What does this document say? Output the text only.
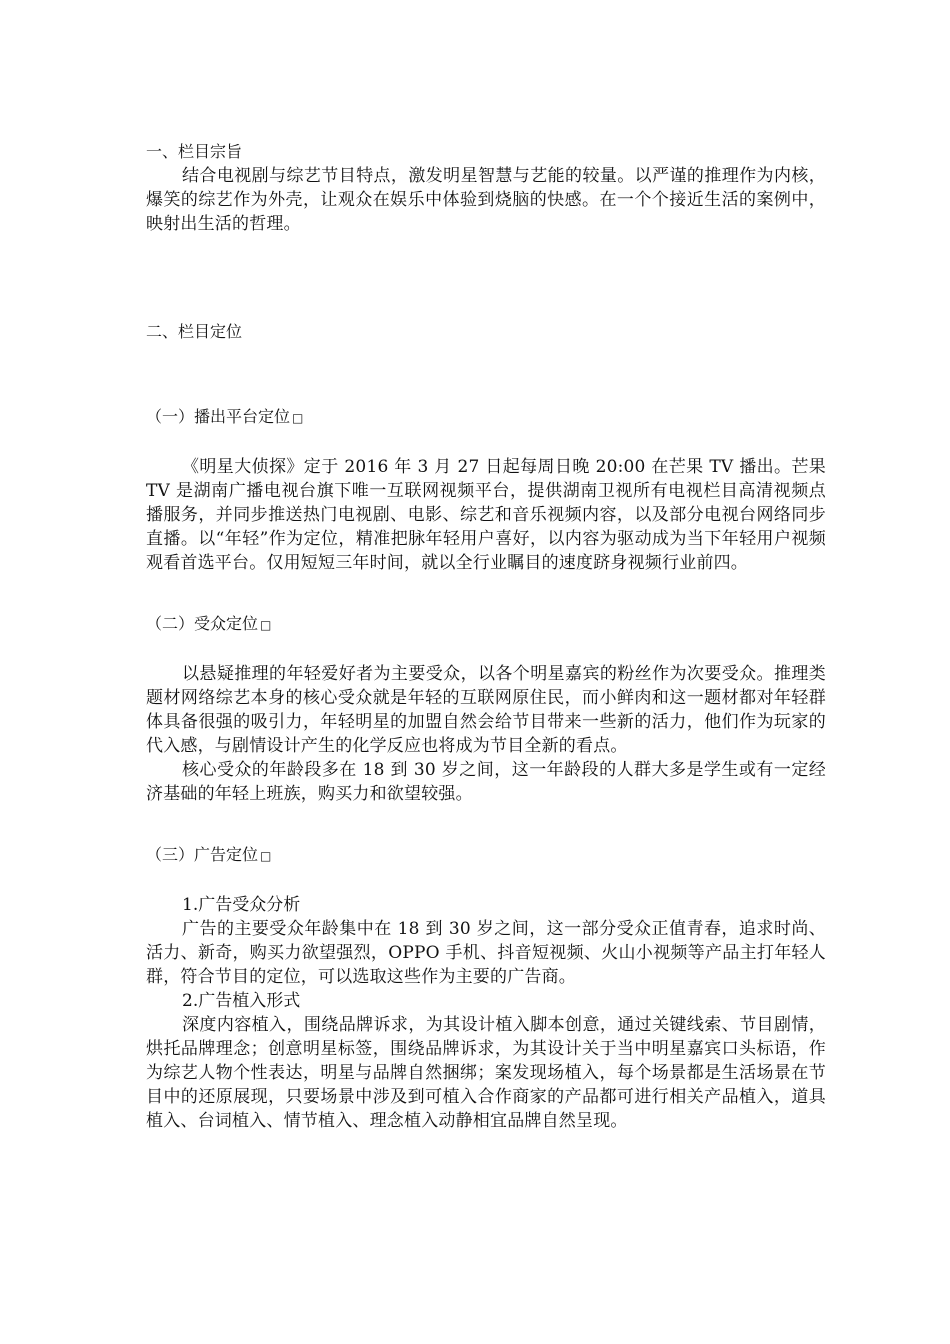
一、栏目宗旨

结合电视剧与综艺节目特点，激发明星智慧与艺能的较量。以严谨的推理作为内核，爆笑的综艺作为外壳，让观众在娱乐中体验到烧脑的快感。在一个个接近生活的案例中，映射出生活的哲理。

二、栏目定位

（一）播出平台定位 □

《明星大侦探》定于 2016 年 3 月 27 日起每周日晚 20:00 在芒果 TV 播出。芒果 TV 是湖南广播电视台旗下唯一互联网视频平台，提供湖南卫视所有电视栏目高清视频点播服务，并同步推送热门电视剧、电影、综艺和音乐视频内容，以及部分电视台网络同步直播。以“年轻”作为定位，精准把脉年轻用户喜好，以内容为驱动成为当下年轻用户视频观看首选平台。仅用短短三年时间，就以全行业瞩目的速度跻身视频行业前四。

（二）受众定位 □

以悬疑推理的年轻爱好者为主要受众，以各个明星嘉宾的粉丝作为次要受众。推理类题材网络综艺本身的核心受众就是年轻的互联网原住民，而小鲜肉和这一题材都对年轻群体具备很强的吸引力，年轻明星的加盟自然会给节目带来一些新的活力，他们作为玩家的代入感，与剧情设计产生的化学反应也将成为节目全新的看点。

核心受众的年龄段多在 18 到 30 岁之间，这一年龄段的人群大多是学生或有一定经济基础的年轻上班族，购买力和欲望较强。

（三）广告定位 □

1.广告受众分析

广告的主要受众年龄集中在 18 到 30 岁之间，这一部分受众正值青春，追求时尚、活力、新奇，购买力欲望强烈，OPPO 手机、抖音短视频、火山小视频等产品主打年轻人群，符合节目的定位，可以选取这些作为主要的广告商。

2.广告植入形式

深度内容植入，围绕品牌诉求，为其设计植入脚本创意，通过关键线索、节目剧情，烘托品牌理念；创意明星标签，围绕品牌诉求，为其设计关于当中明星嘉宾口头标语，作为综艺人物个性表达，明星与品牌自然捆绑；案发现场植入，每个场景都是生活场景在节目中的还原展现，只要场景中涉及到可植入合作商家的产品都可进行相关产品植入，道具植入、台词植入、情节植入、理念植入动静相宜品牌自然呈现。
